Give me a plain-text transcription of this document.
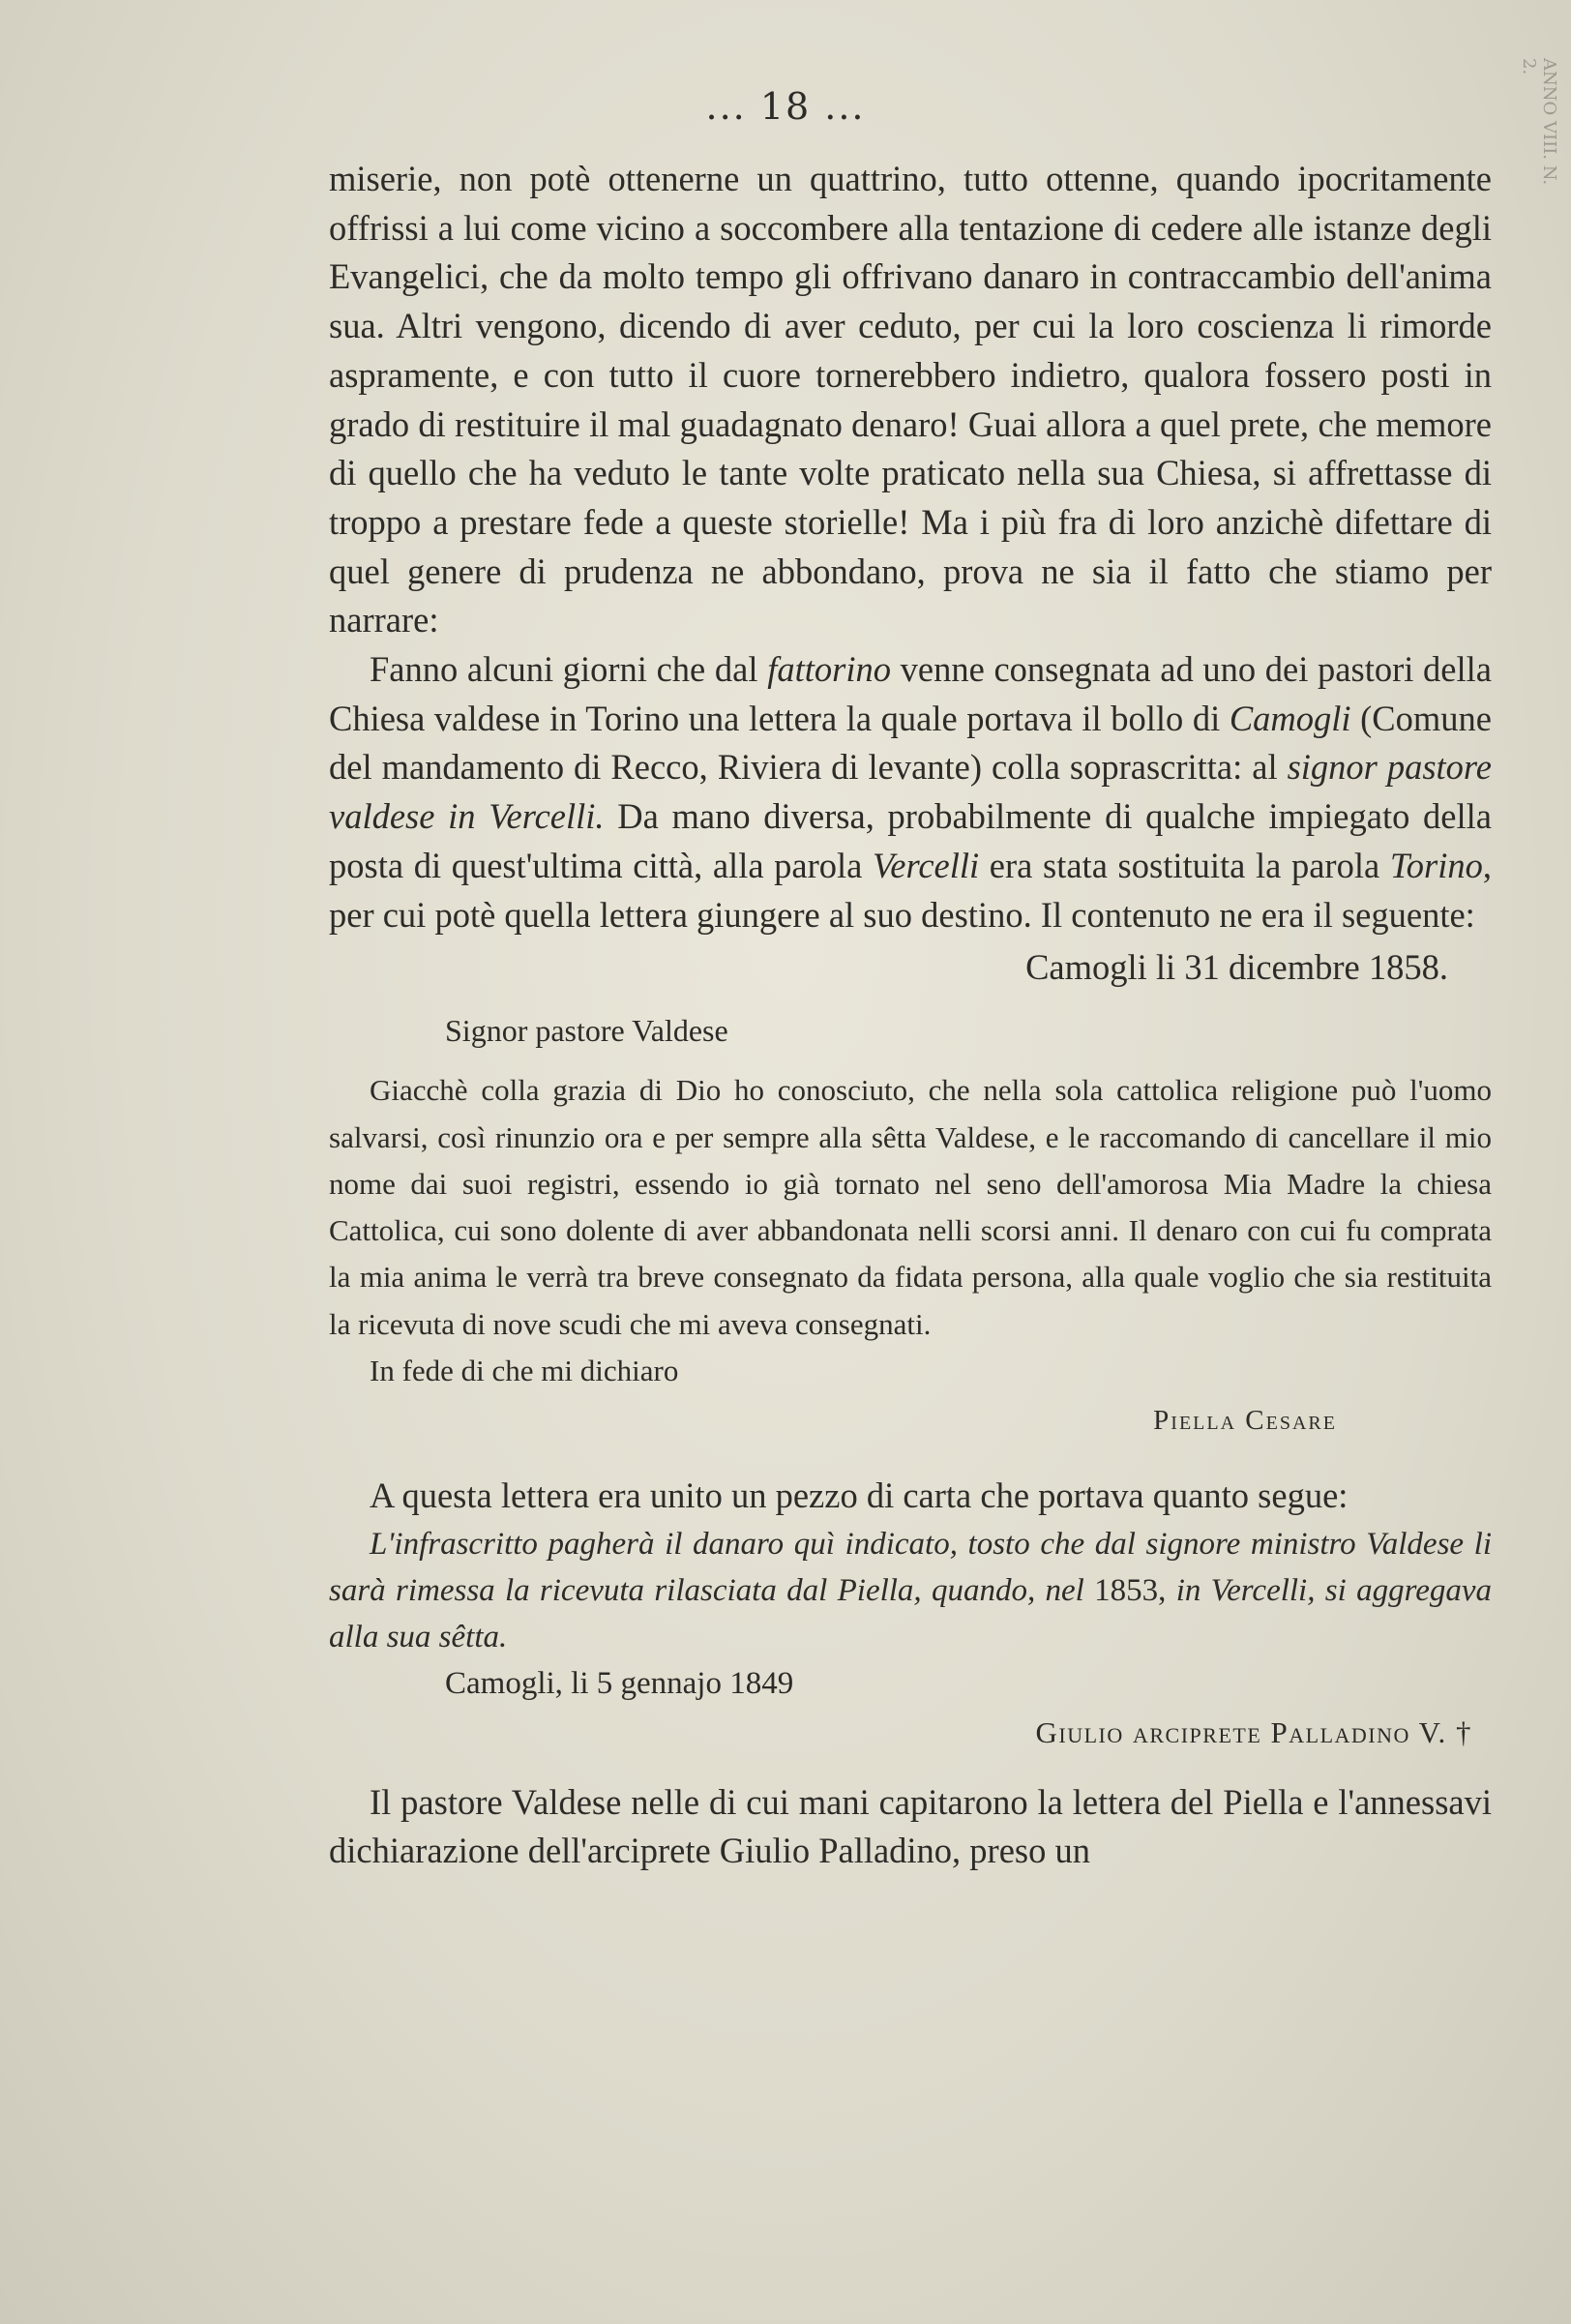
... 18 ...

miserie, non potè ottenerne un quattrino, tutto ottenne, quando ipocritamente offrissi a lui come vicino a soccombere alla tentazione di cedere alle istanze degli Evangelici, che da molto tempo gli offrivano danaro in contraccambio dell'anima sua. Altri vengono, dicendo di aver ceduto, per cui la loro coscienza li rimorde aspramente, e con tutto il cuore tornerebbero indietro, qualora fossero posti in grado di restituire il mal guadagnato denaro! Guai allora a quel prete, che memore di quello che ha veduto le tante volte praticato nella sua Chiesa, si affrettasse di troppo a prestare fede a queste storielle! Ma i più fra di loro anzichè difettare di quel genere di prudenza ne abbondano, prova ne sia il fatto che stiamo per narrare:

Fanno alcuni giorni che dal fattorino venne consegnata ad uno dei pastori della Chiesa valdese in Torino una lettera la quale portava il bollo di Camogli (Comune del mandamento di Recco, Riviera di levante) colla soprascritta: al signor pastore valdese in Vercelli. Da mano diversa, probabilmente di qualche impiegato della posta di quest'ultima città, alla parola Vercelli era stata sostituita la parola Torino, per cui potè quella lettera giungere al suo destino. Il contenuto ne era il seguente:

Camogli li 31 dicembre 1858.

Signor pastore Valdese

Giacchè colla grazia di Dio ho conosciuto, che nella sola cattolica religione può l'uomo salvarsi, così rinunzio ora e per sempre alla sêtta Valdese, e le raccomando di cancellare il mio nome dai suoi registri, essendo io già tornato nel seno dell'amorosa Mia Madre la chiesa Cattolica, cui sono dolente di aver abbandonata nelli scorsi anni. Il denaro con cui fu comprata la mia anima le verrà tra breve consegnato da fidata persona, alla quale voglio che sia restituita la ricevuta di nove scudi che mi aveva consegnati.

In fede di che mi dichiaro

Piella Cesare

A questa lettera era unito un pezzo di carta che portava quanto segue:

L'infrascritto pagherà il danaro quì indicato, tosto che dal signore ministro Valdese li sarà rimessa la ricevuta rilasciata dal Piella, quando, nel 1853, in Vercelli, si aggregava alla sua sêtta.

Camogli, li 5 gennajo 1849

Giulio arciprete Palladino V. †

Il pastore Valdese nelle di cui mani capitarono la lettera del Piella e l'annessavi dichiarazione dell'arciprete Giulio Palladino, preso un

ANNO VIII. N. 2.
